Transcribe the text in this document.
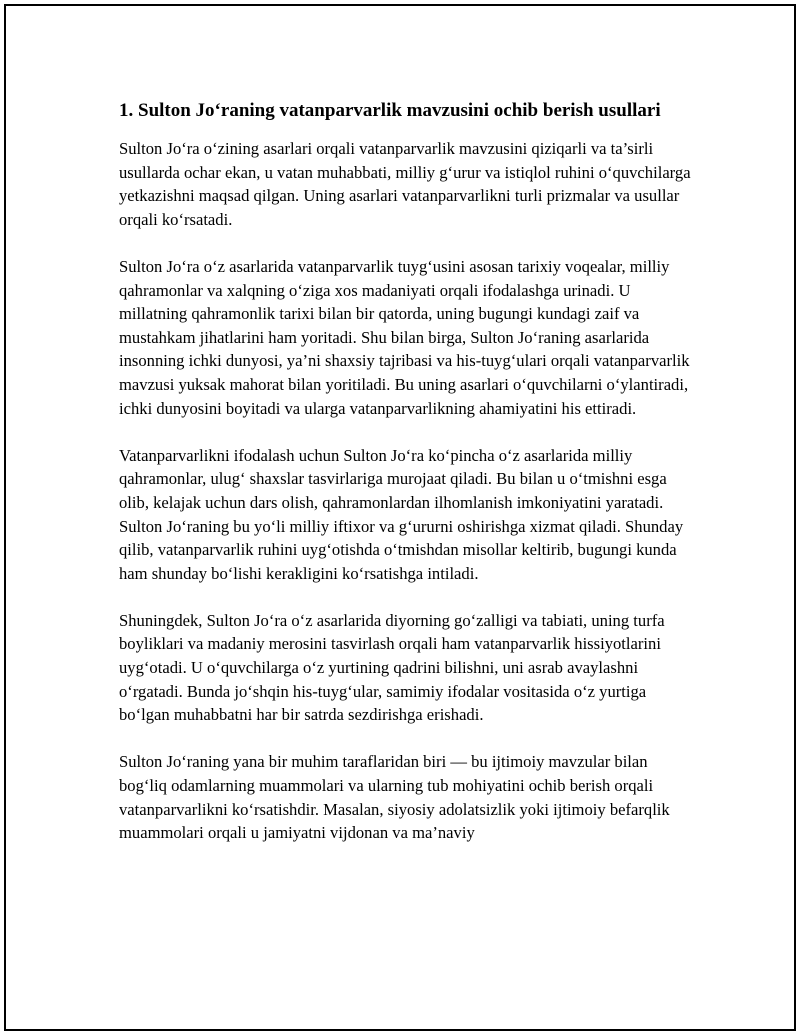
1. Sulton Jo‘raning vatanparvarlik mavzusini ochib berish usullari

Sulton Jo‘ra o‘zining asarlari orqali vatanparvarlik mavzusini qiziqarli va ta’sirli usullarda ochar ekan, u vatan muhabbati, milliy g‘urur va istiqlol ruhini o‘quvchilarga yetkazishni maqsad qilgan. Uning asarlari vatanparvarlikni turli prizmalar va usullar orqali ko‘rsatadi.

Sulton Jo‘ra o‘z asarlarida vatanparvarlik tuyg‘usini asosan tarixiy voqealar, milliy qahramonlar va xalqning o‘ziga xos madaniyati orqali ifodalashga urinadi. U millatning qahramonlik tarixi bilan bir qatorda, uning bugungi kundagi zaif va mustahkam jihatlarini ham yoritadi. Shu bilan birga, Sulton Jo‘raning asarlarida insonning ichki dunyosi, ya’ni shaxsiy tajribasi va his-tuyg‘ulari orqali vatanparvarlik mavzusi yuksak mahorat bilan yoritiladi. Bu uning asarlari o‘quvchilarni o‘ylantiradi, ichki dunyosini boyitadi va ularga vatanparvarlikning ahamiyatini his ettiradi.

Vatanparvarlikni ifodalash uchun Sulton Jo‘ra ko‘pincha o‘z asarlarida milliy qahramonlar, ulug‘ shaxslar tasvirlariga murojaat qiladi. Bu bilan u o‘tmishni esga olib, kelajak uchun dars olish, qahramonlardan ilhomlanish imkoniyatini yaratadi. Sulton Jo‘raning bu yo‘li milliy iftixor va g‘ururni oshirishga xizmat qiladi. Shunday qilib, vatanparvarlik ruhini uyg‘otishda o‘tmishdan misollar keltirib, bugungi kunda ham shunday bo‘lishi kerakligini ko‘rsatishga intiladi.

Shuningdek, Sulton Jo‘ra o‘z asarlarida diyorning go‘zalligi va tabiati, uning turfa boyliklari va madaniy merosini tasvirlash orqali ham vatanparvarlik hissiyotlarini uyg‘otadi. U o‘quvchilarga o‘z yurtining qadrini bilishni, uni asrab avaylashni o‘rgatadi. Bunda jo‘shqin his-tuyg‘ular, samimiy ifodalar vositasida o‘z yurtiga bo‘lgan muhabbatni har bir satrda sezdirishga erishadi.

Sulton Jo‘raning yana bir muhim taraflaridan biri — bu ijtimoiy mavzular bilan bog‘liq odamlarning muammolari va ularning tub mohiyatini ochib berish orqali vatanparvarlikni ko‘rsatishdir. Masalan, siyosiy adolatsizlik yoki ijtimoiy befarqlik muammolari orqali u jamiyatni vijdonan va ma’naviy
